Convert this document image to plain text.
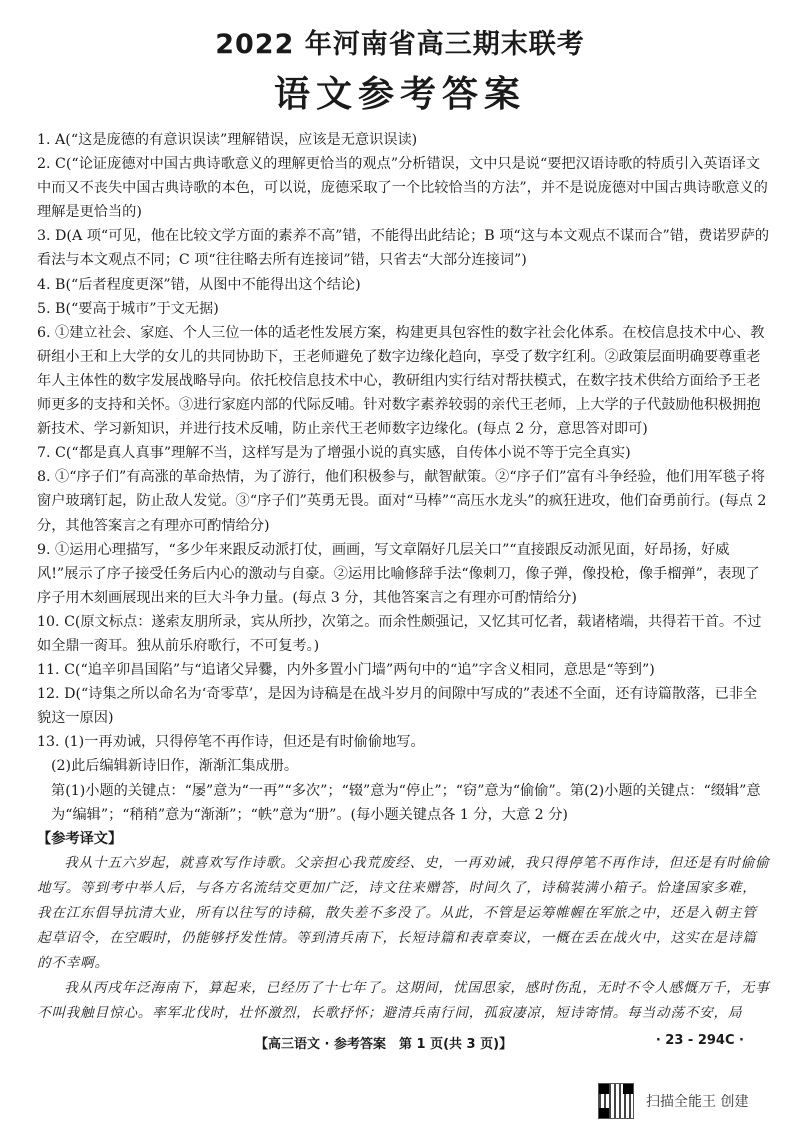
2022 年河南省高三期末联考
语文参考答案

1. A(“这是庞德的有意识误读”理解错误，应该是无意识误读)

2. C(“论证庞德对中国古典诗歌意义的理解更恰当的观点”分析错误，文中只是说“要把汉语诗歌的特质引入英语译文中而又不丧失中国古典诗歌的本色，可以说，庞德采取了一个比较恰当的方法”，并不是说庞德对中国古典诗歌意义的理解是更恰当的)

3. D(A 项“可见，他在比较文学方面的素养不高”错，不能得出此结论；B 项“这与本文观点不谋而合”错，费诺罗萨的看法与本文观点不同；C 项“往往略去所有连接词”错，只省去“大部分连接词”)

4. B(“后者程度更深”错，从图中不能得出这个结论)

5. B(“要高于城市”于文无据)

6. ①建立社会、家庭、个人三位一体的适老性发展方案，构建更具包容性的数字社会化体系。在校信息技术中心、教研组小王和上大学的女儿的共同协助下，王老师避免了数字边缘化趋向，享受了数字红利。②政策层面明确要尊重老年人主体性的数字发展战略导向。依托校信息技术中心，教研组内实行结对帮扶模式，在数字技术供给方面给予王老师更多的支持和关怀。③进行家庭内部的代际反哺。针对数字素养较弱的亲代王老师，上大学的子代鼓励他积极拥抱新技术、学习新知识，并进行技术反哺，防止亲代王老师数字边缘化。(每点 2 分，意思答对即可)

7. C(“都是真人真事”理解不当，这样写是为了增强小说的真实感，自传体小说不等于完全真实)

8. ①“序子们”有高涨的革命热情，为了游行，他们积极参与，献智献策。②“序子们”富有斗争经验，他们用军毯子将窗户玻璃钉起，防止敌人发觉。③“序子们”英勇无畏。面对“马棒”“高压水龙头”的疯狂进攻，他们奋勇前行。(每点 2 分，其他答案言之有理亦可酌情给分)

9. ①运用心理描写，“多少年来跟反动派打仗，画画，写文章隔好几层关口”“直接跟反动派见面，好昂扬，好威风!”展示了序子接受任务后内心的激动与自豪。②运用比喻修辞手法“像刺刀，像子弹，像投枪，像手榴弹”，表现了序子用木刻画展现出来的巨大斗争力量。(每点 3 分，其他答案言之有理亦可酌情给分)

10. C(原文标点：遂索友朋所录，宾从所抄，次第之。而余性颇强记，又忆其可忆者，载诸楮端，共得若干首。不过如全鼎一脔耳。独从前乐府歌行，不可复考。)

11. C(“追辛卯昌国陷”与“追诸父异爨，内外多置小门墙”两句中的“追”字含义相同，意思是“等到”)

12. D(“诗集之所以命名为‘奇零草’，是因为诗稿是在战斗岁月的间隙中写成的”表述不全面，还有诗篇散落，已非全貌这一原因)

13. (1)一再劝诫，只得停笔不再作诗，但还是有时偷偷地写。

(2)此后编辑新诗旧作，渐渐汇集成册。

第(1)小题的关键点：“屡”意为“一再”“多次”；“辍”意为“停止”；“窃”意为“偷偷”。第(2)小题的关键点：“缀辑”意为“编辑”；“稍稍”意为“渐渐”；“帙”意为“册”。(每小题关键点各 1 分，大意 2 分)

【参考译文】

我从十五六岁起，就喜欢写作诗歌。父亲担心我荒废经、史，一再劝诫，我只得停笔不再作诗，但还是有时偷偷地写。等到考中举人后，与各方名流结交更加广泛，诗文往来赠答，时间久了，诗稿装满小箱子。恰逢国家多难，我在江东倡导抗清大业，所有以往写的诗稿，散失差不多没了。从此，不管是运筹帷幄在军旅之中，还是入朝主管起草诏令，在空暇时，仍能够抒发性情。等到清兵南下，长短诗篇和表章奏议，一概在丢在战火中，这实在是诗篇的不幸啊。

我从丙戌年泛海南下，算起来，已经历了十七年了。这期间，忧国思家，感时伤乱，无时不令人感慨万千，无事不叫我触目惊心。率军北伐时，壮怀激烈，长歌抒怀；避清兵南行间，孤寂凄凉，短诗寄情。每当动荡不安，局

【高三语文 · 参考答案　第 1 页(共 3 页)】	· 23 - 294C ·
扫描全能王 创建
